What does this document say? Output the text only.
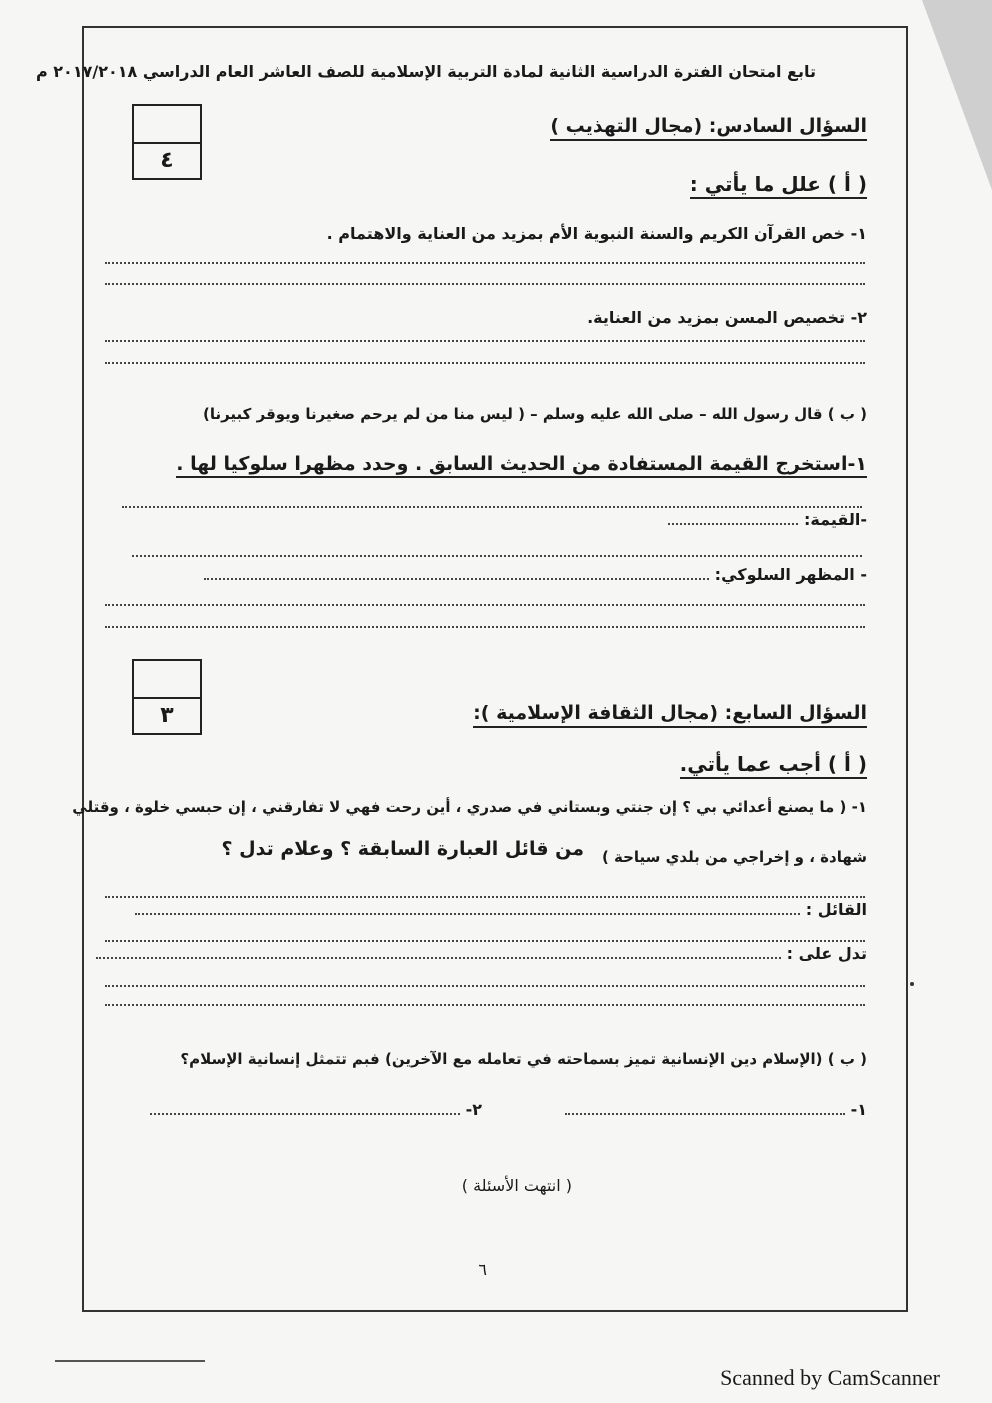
تابع امتحان الفترة الدراسية الثانية لمادة التربية الإسلامية للصف العاشر العام الدراسي ٢٠١٧/٢٠١٨ م
٤
السؤال السادس: (مجال التهذيب )
( أ ) علل ما يأتي :
١- خص القرآن الكريم والسنة النبوية الأم بمزيد من العناية والاهتمام .
٢- تخصيص المسن بمزيد من العناية.
( ب ) قال رسول الله – صلى الله عليه وسلم – ( ليس منا من لم يرحم صغيرنا ويوقر كبيرنا)
١-استخرج القيمة المستفادة من الحديث السابق . وحدد مظهرا سلوكيا لها .
-القيمة:
- المظهر السلوكي:
٣	السؤال السابع: (مجال الثقافة الإسلامية ):
( أ ) أجب عما يأتي.
١- ( ما يصنع أعدائي بي ؟ إن جنتي وبستاني في صدري ، أين رحت فهي لا تفارقني ، إن حبسي خلوة ، وقتلي
شهادة ، و إخراجي من بلدي سياحة )
من قائل العبارة السابقة ؟ وعلام تدل ؟
القائل :
تدل على :
( ب ) (الإسلام دين الإنسانية تميز بسماحته في تعامله مع الآخرين) فبم تتمثل إنسانية الإسلام؟
١-
٢-
( انتهت الأسئلة )
٦
Scanned by CamScanner
